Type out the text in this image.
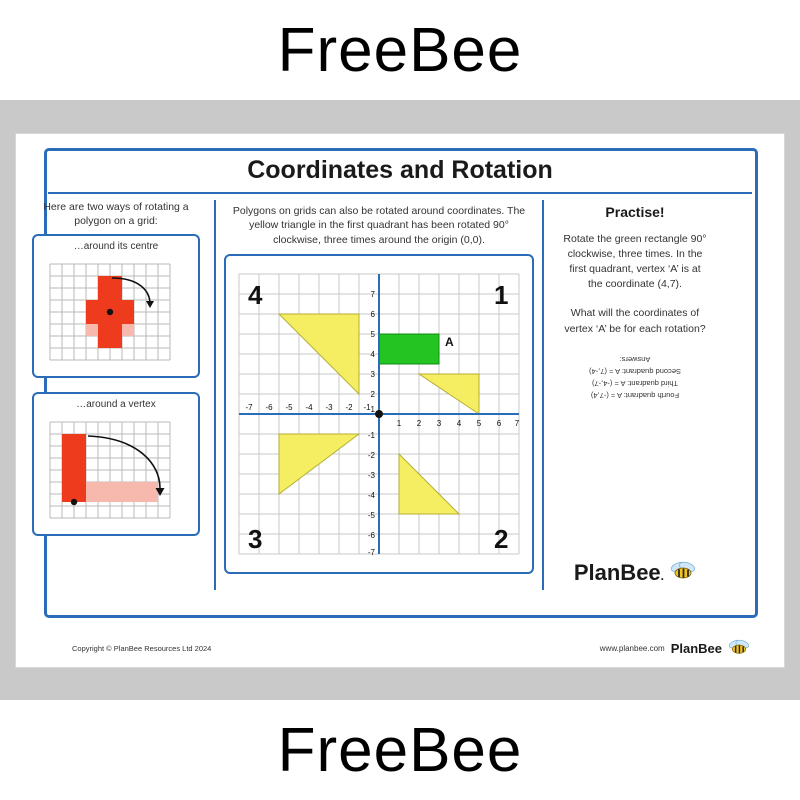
FreeBee
Coordinates and Rotation
Here are two ways of rotating a polygon on a grid:
…around its centre
…around a vertex
Polygons on grids can also be rotated around coordinates. The yellow triangle in the first quadrant has been rotated 90° clockwise, three times around the origin (0,0).
A
7
6
5
4
3
2
1
-1
-2
-3
-4
-5
-6
-7
-7 -6 -5 -4 -3 -2 -1
1 2 3 4 5 6 7
1
2
3
4
Practise!
Rotate the green rectangle 90° clockwise, three times. In the first quadrant, vertex ‘A’ is at the coordinate (4,7).
What will the coordinates of vertex ‘A’ be for each rotation?
Fourth quadrant: A = (-7,4)
Third quadrant: A = (-4,-7)
Second quadrant: A = (7,-4)
Answers:
PlanBee.
Copyright © PlanBee Resources Ltd 2024	www.planbee.com PlanBee
FreeBee
